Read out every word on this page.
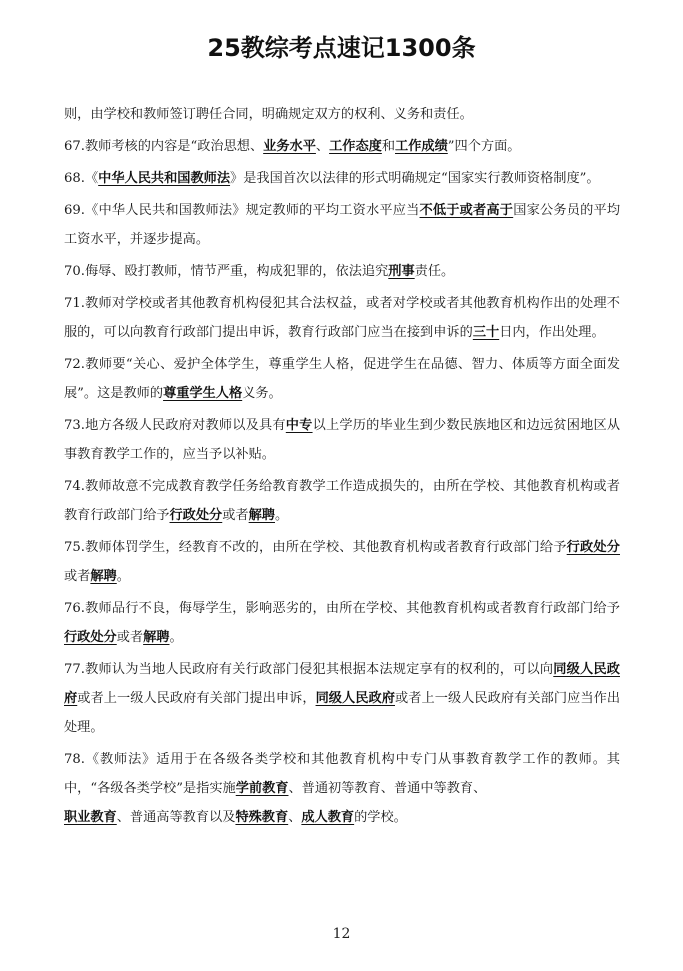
25教综考点速记1300条

则，由学校和教师签订聘任合同，明确规定双方的权利、义务和责任。

67.教师考核的内容是“政治思想、业务水平、工作态度和工作成绩”四个方面。

68.《中华人民共和国教师法》是我国首次以法律的形式明确规定“国家实行教师资格制度”。

69.《中华人民共和国教师法》规定教师的平均工资水平应当不低于或者高于国家公务员的平均工资水平，并逐步提高。

70.侮辱、殴打教师，情节严重，构成犯罪的，依法追究刑事责任。

71.教师对学校或者其他教育机构侵犯其合法权益，或者对学校或者其他教育机构作出的处理不服的，可以向教育行政部门提出申诉，教育行政部门应当在接到申诉的三十日内，作出处理。

72.教师要“关心、爱护全体学生，尊重学生人格，促进学生在品德、智力、体质等方面全面发展”。这是教师的尊重学生人格义务。

73.地方各级人民政府对教师以及具有中专以上学历的毕业生到少数民族地区和边远贫困地区从事教育教学工作的，应当予以补贴。

74.教师故意不完成教育教学任务给教育教学工作造成损失的，由所在学校、其他教育机构或者教育行政部门给予行政处分或者解聘。

75.教师体罚学生，经教育不改的，由所在学校、其他教育机构或者教育行政部门给予行政处分或者解聘。

76.教师品行不良，侮辱学生，影响恶劣的，由所在学校、其他教育机构或者教育行政部门给予行政处分或者解聘。

77.教师认为当地人民政府有关行政部门侵犯其根据本法规定享有的权利的，可以向同级人民政府或者上一级人民政府有关部门提出申诉，同级人民政府或者上一级人民政府有关部门应当作出处理。

78.《教师法》适用于在各级各类学校和其他教育机构中专门从事教育教学工作的教师。其中，“各级各类学校”是指实施学前教育、普通初等教育、普通中等教育、
职业教育、普通高等教育以及特殊教育、成人教育的学校。

12
